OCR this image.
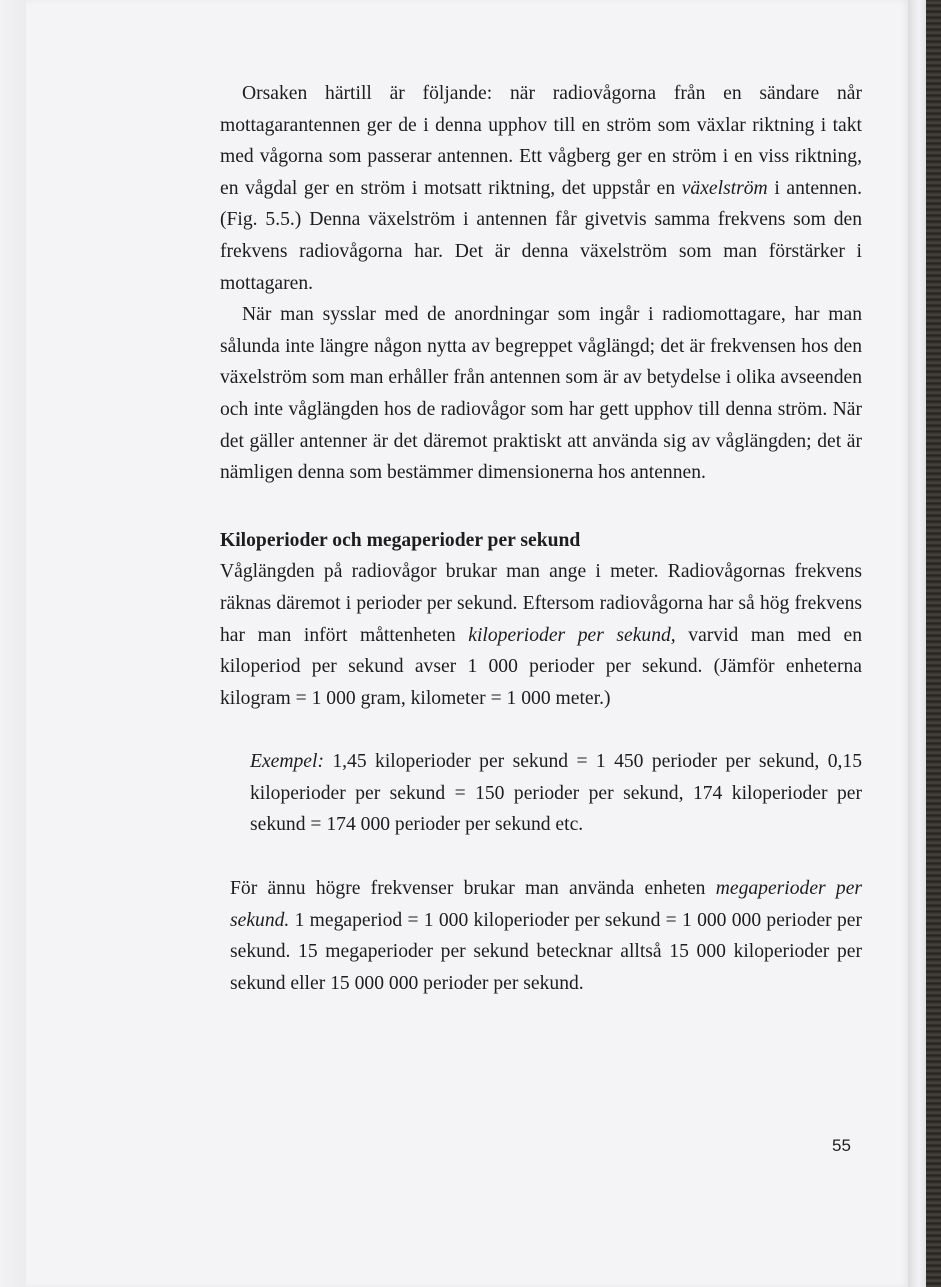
Orsaken härtill är följande: när radiovågorna från en sändare når mottagarantennen ger de i denna upphov till en ström som växlar riktning i takt med vågorna som passerar antennen. Ett vågberg ger en ström i en viss riktning, en vågdal ger en ström i motsatt riktning, det uppstår en växelström i antennen. (Fig. 5.5.) Denna växelström i antennen får givetvis samma frekvens som den frekvens radiovågorna har. Det är denna växelström som man förstärker i mottagaren.

När man sysslar med de anordningar som ingår i radiomottagare, har man sålunda inte längre någon nytta av begreppet våglängd; det är frekvensen hos den växelström som man erhåller från antennen som är av betydelse i olika avseenden och inte våglängden hos de radiovågor som har gett upphov till denna ström. När det gäller antenner är det däremot praktiskt att använda sig av våglängden; det är nämligen denna som bestämmer dimensionerna hos antennen.

Kiloperioder och megaperioder per sekund

Våglängden på radiovågor brukar man ange i meter. Radiovågornas frekvens räknas däremot i perioder per sekund. Eftersom radiovågorna har så hög frekvens har man infört måttenheten kiloperioder per sekund, varvid man med en kiloperiod per sekund avser 1 000 perioder per sekund. (Jämför enheterna kilogram = 1 000 gram, kilometer = 1 000 meter.)

Exempel: 1,45 kiloperioder per sekund = 1 450 perioder per sekund, 0,15 kiloperioder per sekund = 150 perioder per sekund, 174 kiloperioder per sekund = 174 000 perioder per sekund etc.

För ännu högre frekvenser brukar man använda enheten megaperioder per sekund. 1 megaperiod = 1 000 kiloperioder per sekund = 1 000 000 perioder per sekund. 15 megaperioder per sekund betecknar alltså 15 000 kiloperioder per sekund eller 15 000 000 perioder per sekund.

55
